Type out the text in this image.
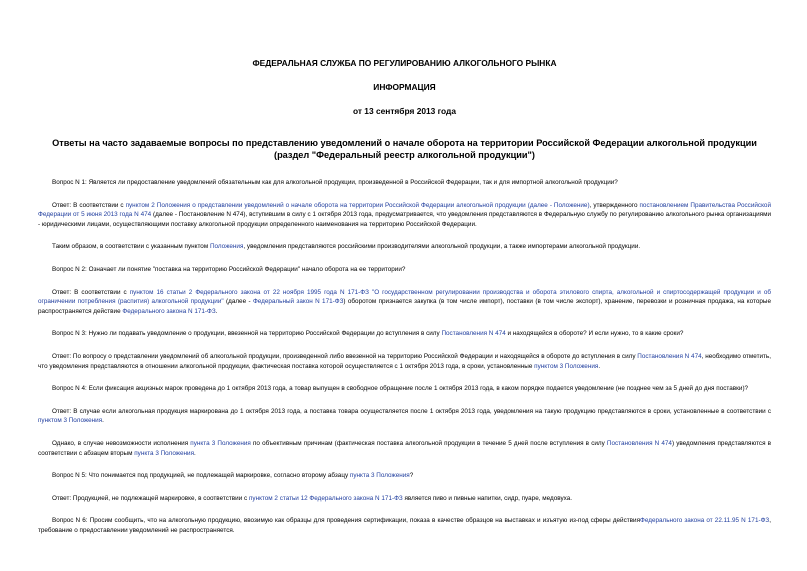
ФЕДЕРАЛЬНАЯ СЛУЖБА ПО РЕГУЛИРОВАНИЮ АЛКОГОЛЬНОГО РЫНКА
ИНФОРМАЦИЯ
от 13 сентября 2013 года
Ответы на часто задаваемые вопросы по представлению уведомлений о начале оборота на территории Российской Федерации алкогольной продукции (раздел "Федеральный реестр алкогольной продукции")

Вопрос N 1: Является ли предоставление уведомлений обязательным как для алкогольной продукции, произведенной в Российской Федерации, так и для импортной алкогольной продукции?

Ответ: В соответствии с пунктом 2 Положения о представлении уведомлений о начале оборота на территории Российской Федерации алкогольной продукции (далее - Положение), утвержденного постановлением Правительства Российской Федерации от 5 июня 2013 года N 474 (далее - Постановление N 474), вступившим в силу с 1 октября 2013 года, предусматривается, что уведомления представляются в Федеральную службу по регулированию алкогольного рынка организациями - юридическими лицами, осуществляющими поставку алкогольной продукции определенного наименования на территорию Российской Федерации.

Таким образом, в соответствии с указанным пунктом Положения, уведомления представляются российскими производителями алкогольной продукции, а также импортерами алкогольной продукции.

Вопрос N 2: Означает ли понятие "поставка на территорию Российской Федерации" начало оборота на ее территории?

Ответ: В соответствии с пунктом 16 статьи 2 Федерального закона от 22 ноября 1995 года N 171-ФЗ "О государственном регулировании производства и оборота этилового спирта, алкогольной и спиртосодержащей продукции и об ограничении потребления (распития) алкогольной продукции" (далее - Федеральный закон N 171-ФЗ) оборотом признается закупка (в том числе импорт), поставки (в том числе экспорт), хранение, перевозки и розничная продажа, на которые распространяется действие Федерального закона N 171-ФЗ.

Вопрос N 3: Нужно ли подавать уведомление о продукции, ввезенной на территорию Российской Федерации до вступления в силу Постановления N 474 и находящейся в обороте? И если нужно, то в какие сроки?

Ответ: По вопросу о представлении уведомлений об алкогольной продукции, произведенной либо ввезенной на территорию Российской Федерации и находящейся в обороте до вступления в силу Постановления N 474, необходимо отметить, что уведомления представляются в отношении алкогольной продукции, фактическая поставка которой осуществляется с 1 октября 2013 года, в сроки, установленные пунктом 3 Положения.

Вопрос N 4: Если фиксация акцизных марок проведена до 1 октября 2013 года, а товар выпущен в свободное обращение после 1 октября 2013 года, в каком порядке подается уведомление (не позднее чем за 5 дней до дня поставки)?

Ответ: В случае если алкогольная продукция маркирована до 1 октября 2013 года, а поставка товара осуществляется после 1 октября 2013 года, уведомления на такую продукцию представляются в сроки, установленные в соответствии с пунктом 3 Положения.

Однако, в случае невозможности исполнения пункта 3 Положения по объективным причинам (фактическая поставка алкогольной продукции в течение 5 дней после вступления в силу Постановления N 474) уведомления представляются в соответствии с абзацем вторым пункта 3 Положения.

Вопрос N 5: Что понимается под продукцией, не подлежащей маркировке, согласно второму абзацу пункта 3 Положения?

Ответ: Продукцией, не подлежащей маркировке, в соответствии с пунктом 2 статьи 12 Федерального закона N 171-ФЗ является пиво и пивные напитки, сидр, пуаре, медовуха.

Вопрос N 6: Просим сообщить, что на алкогольную продукцию, ввозимую как образцы для проведения сертификации, показа в качестве образцов на выставках и изъятую из-под сферы действияФедерального закона от 22.11.95 N 171-ФЗ, требование о предоставлении уведомлений не распространяется.
